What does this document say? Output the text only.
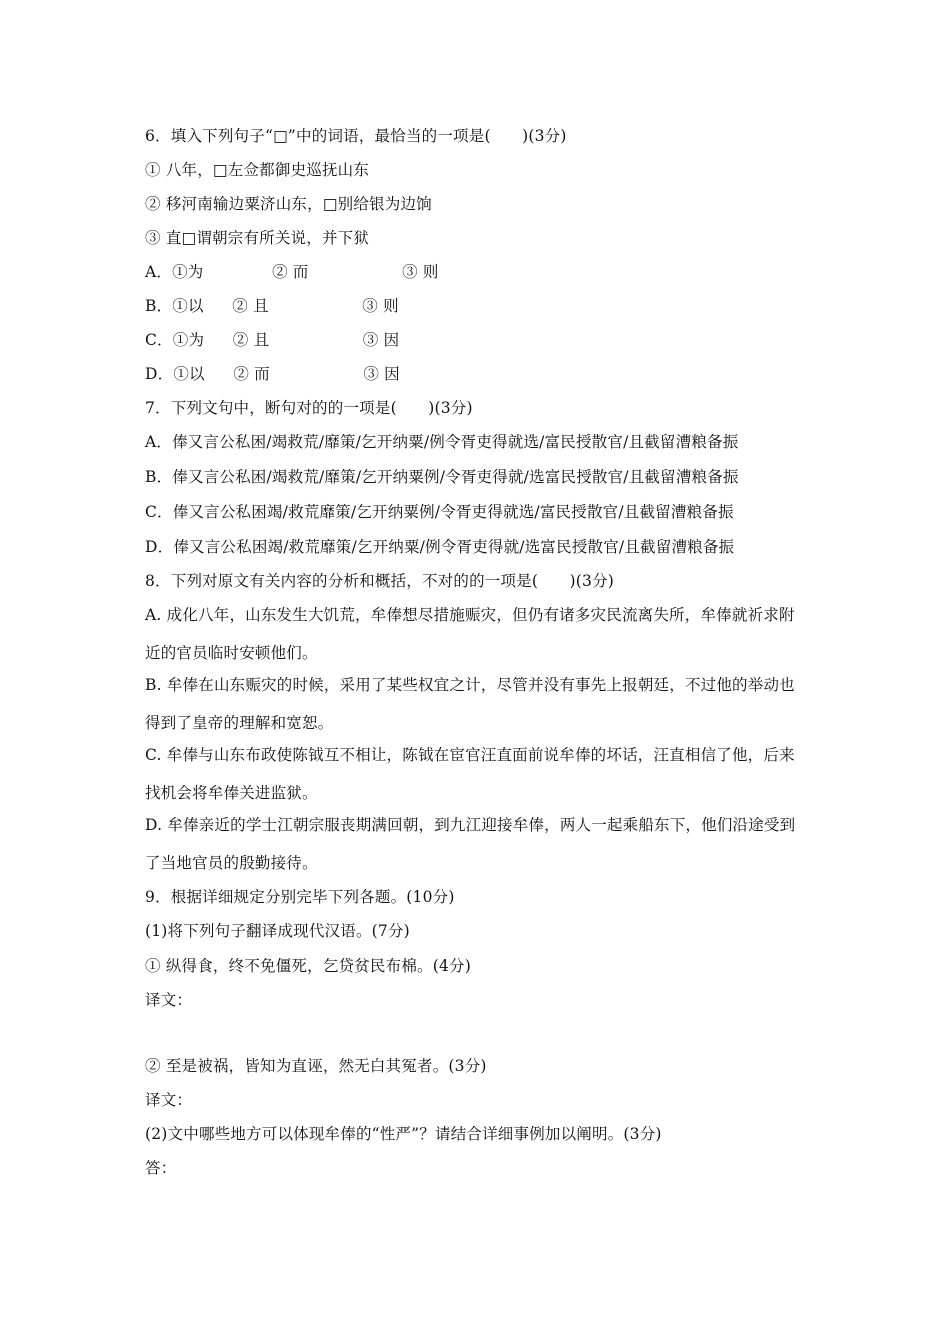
6．填入下列句子“□”中的词语，最恰当的一项是(　　)(3分)
① 八年，□左佥都御史巡抚山东
② 移河南输边粟济山东，□别给银为边饷
③ 直□谓朝宗有所关说，并下狱
A．①为	② 而	③ 则
B．①以 ② 且	③ 则
C．①为 ② 且	③ 因
D．①以 ② 而	③ 因
7．下列文句中，断句对的的一项是(　　)(3分)
A．俸又言公私困/竭救荒/靡策/乞开纳粟/例令胥吏得就选/富民授散官/且截留漕粮备振
B．俸又言公私困/竭救荒/靡策/乞开纳粟例/令胥吏得就/选富民授散官/且截留漕粮备振
C．俸又言公私困竭/救荒靡策/乞开纳粟例/令胥吏得就选/富民授散官/且截留漕粮备振
D．俸又言公私困竭/救荒靡策/乞开纳粟/例令胥吏得就/选富民授散官/且截留漕粮备振
8．下列对原文有关内容的分析和概括，不对的的一项是(　　)(3分)
A. 成化八年，山东发生大饥荒，牟俸想尽措施赈灾，但仍有诸多灾民流离失所，牟俸就祈求附近的官员临时安顿他们。
B. 牟俸在山东赈灾的时候，采用了某些权宜之计，尽管并没有事先上报朝廷，不过他的举动也得到了皇帝的理解和宽恕。
C. 牟俸与山东布政使陈钺互不相让，陈钺在宦官汪直面前说牟俸的坏话，汪直相信了他，后来找机会将牟俸关进监狱。
D. 牟俸亲近的学士江朝宗服丧期满回朝，到九江迎接牟俸，两人一起乘船东下，他们沿途受到了当地官员的殷勤接待。
9．根据详细规定分别完毕下列各题。(10分)
(1)将下列句子翻译成现代汉语。(7分)
① 纵得食，终不免僵死，乞贷贫民布棉。(4分)
译文：
② 至是被祸，皆知为直诬，然无白其冤者。(3分)
译文：
(2)文中哪些地方可以体现牟俸的“性严”？请结合详细事例加以阐明。(3分)
答：
